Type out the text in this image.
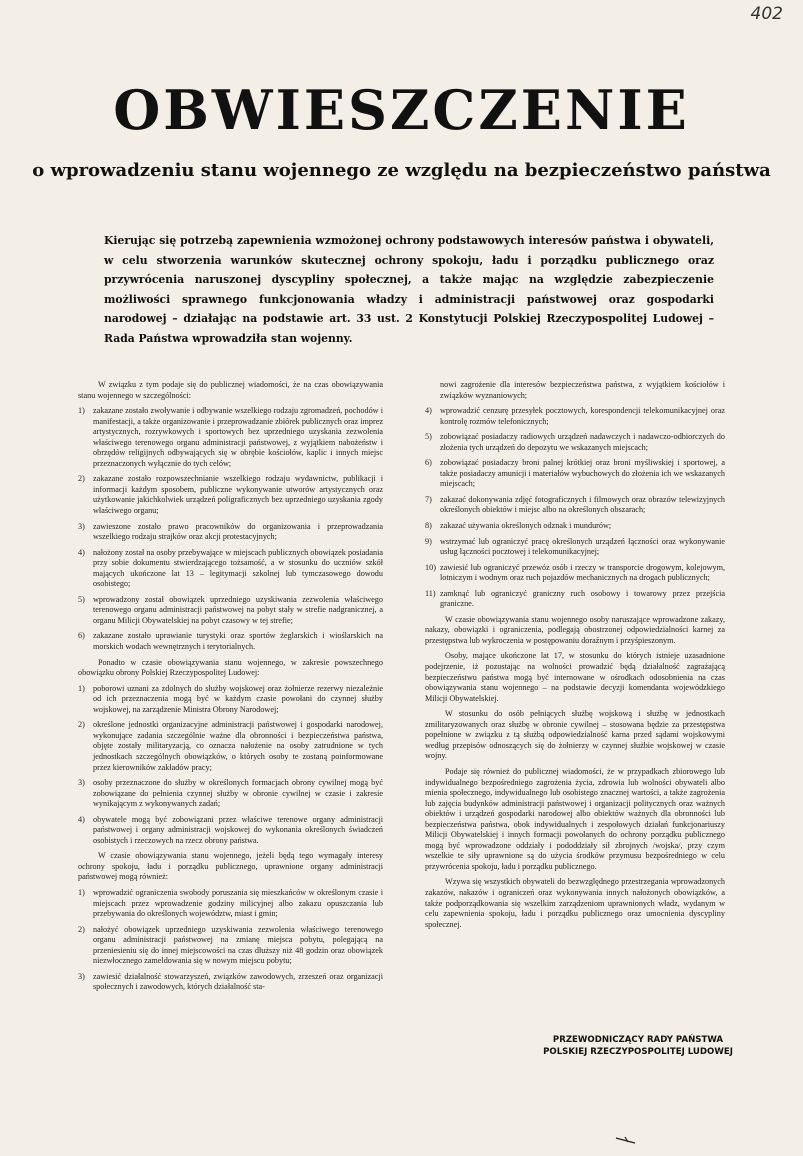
402
OBWIESZCZENIE
o wprowadzeniu stanu wojennego ze względu na bezpieczeństwo państwa
Kierując się potrzebą zapewnienia wzmożonej ochrony podstawowych interesów państwa i obywateli, w celu stworzenia warunków skutecznej ochrony spokoju, ładu i porządku publicznego oraz przywrócenia naruszonej dyscypliny społecznej, a także mając na względzie zabezpieczenie możliwości sprawnego funkcjonowania władzy i administracji państwowej oraz gospodarki narodowej – działając na podstawie art. 33 ust. 2 Konstytucji Polskiej Rzeczypospolitej Ludowej – Rada Państwa wprowadziła stan wojenny.

W związku z tym podaje się do publicznej wiadomości, że na czas obowiązywania stanu wojennego w szczególności:

1) zakazane zostało zwoływanie i odbywanie wszelkiego rodzaju zgromadzeń, pochodów i manifestacji, a także organizowanie i przeprowadzanie zbiórek publicznych oraz imprez artystycznych, rozrywkowych i sportowych bez uprzedniego uzyskania zezwolenia właściwego terenowego organu administracji państwowej, z wyjątkiem nabożeństw i obrzędów religijnych odbywających się w obrębie kościołów, kaplic i innych miejsc przeznaczonych wyłącznie do tych celów;
2) zakazane zostało rozpowszechnianie wszelkiego rodzaju wydawnictw, publikacji i informacji każdym sposobem, publiczne wykonywanie utworów artystycznych oraz użytkowanie jakichkolwiek urządzeń poligraficznych bez uprzedniego uzyskania zgody właściwego organu;
3) zawieszone zostało prawo pracowników do organizowania i przeprowadzania wszelkiego rodzaju strajków oraz akcji protestacyjnych;
4) nałożony został na osoby przebywające w miejscach publicznych obowiązek posiadania przy sobie dokumentu stwierdzającego tożsamość, a w stosunku do uczniów szkół mających ukończone lat 13 – legitymacji szkolnej lub tymczasowego dowodu osobistego;
5) wprowadzony został obowiązek uprzedniego uzyskiwania zezwolenia właściwego terenowego organu administracji państwowej na pobyt stały w strefie nadgranicznej, a organu Milicji Obywatelskiej na pobyt czasowy w tej strefie;
6) zakazane zostało uprawianie turystyki oraz sportów żeglarskich i wioślarskich na morskich wodach wewnętrznych i terytorialnych.

Ponadto w czasie obowiązywania stanu wojennego, w zakresie powszechnego obowiązku obrony Polskiej Rzeczypospolitej Ludowej:

1) poborowi uznani za zdolnych do służby wojskowej oraz żołnierze rezerwy niezależnie od ich przeznaczenia mogą być w każdym czasie powołani do czynnej służby wojskowej, na zarządzenie Ministra Obrony Narodowej;
2) określone jednostki organizacyjne administracji państwowej i gospodarki narodowej, wykonujące zadania szczególnie ważne dla obronności i bezpieczeństwa państwa, objęte zostały militaryzacją, co oznacza nałożenie na osoby zatrudnione w tych jednostkach szczególnych obowiązków, o których osoby te zostaną poinformowane przez kierowników zakładów pracy;
3) osoby przeznaczone do służby w określonych formacjach obrony cywilnej mogą być zobowiązane do pełnienia czynnej służby w obronie cywilnej w czasie i zakresie wynikającym z wykonywanych zadań;
4) obywatele mogą być zobowiązani przez właściwe terenowe organy administracji państwowej i organy administracji wojskowej do wykonania określonych świadczeń osobistych i rzeczowych na rzecz obrony państwa.

W czasie obowiązywania stanu wojennego, jeżeli będą tego wymagały interesy ochrony spokoju, ładu i porządku publicznego, uprawnione organy administracji państwowej mogą również:

1) wprowadzić ograniczenia swobody poruszania się mieszkańców w określonym czasie i miejscach przez wprowadzenie godziny milicyjnej albo zakazu opuszczania lub przebywania do określonych województw, miast i gmin;
2) nałożyć obowiązek uprzedniego uzyskiwania zezwolenia właściwego terenowego organu administracji państwowej na zmianę miejsca pobytu, polegającą na przeniesieniu się do innej miejscowości na czas dłuższy niż 48 godzin oraz obowiązek niezwłocznego zameldowania się w nowym miejscu pobytu;
3) zawiesić działalność stowarzyszeń, związków zawodowych, zrzeszeń oraz organizacji społecznych i zawodowych, których działalność sta-

nowi zagrożenie dla interesów bezpieczeństwa państwa, z wyjątkiem kościołów i związków wyznaniowych;

4) wprowadzić cenzurę przesyłek pocztowych, korespondencji telekomunikacyjnej oraz kontrolę rozmów telefonicznych;
5) zobowiązać posiadaczy radiowych urządzeń nadawczych i nadawczo-odbiorczych do złożenia tych urządzeń do depozytu we wskazanych miejscach;
6) zobowiązać posiadaczy broni palnej krótkiej oraz broni myśliwskiej i sportowej, a także posiadaczy amunicji i materiałów wybuchowych do złożenia ich we wskazanych miejscach;
7) zakazać dokonywania zdjęć fotograficznych i filmowych oraz obrazów telewizyjnych określonych obiektów i miejsc albo na określonych obszarach;
8) zakazać używania określonych odznak i mundurów;
9) wstrzymać lub ograniczyć pracę określonych urządzeń łączności oraz wykonywanie usług łączności pocztowej i telekomunikacyjnej;
10) zawiesić lub ograniczyć przewóz osób i rzeczy w transporcie drogowym, kolejowym, lotniczym i wodnym oraz ruch pojazdów mechanicznych na drogach publicznych;
11) zamknąć lub ograniczyć graniczny ruch osobowy i towarowy przez przejścia graniczne.

W czasie obowiązywania stanu wojennego osoby naruszające wprowadzone zakazy, nakazy, obowiązki i ograniczenia, podlegają obostrzonej odpowiedzialności karnej za przestępstwa lub wykroczenia w postępowaniu doraźnym i przyśpieszonym.

Osoby, mające ukończone lat 17, w stosunku do których istnieje uzasadnione podejrzenie, iż pozostając na wolności prowadzić będą działalność zagrażającą bezpieczeństwu państwa mogą być internowane w ośrodkach odosobnienia na czas obowiązywania stanu wojennego – na podstawie decyzji komendanta wojewódzkiego Milicji Obywatelskiej.

W stosunku do osób pełniących służbę wojskową i służbę w jednostkach zmilitaryzowanych oraz służbę w obronie cywilnej – stosowana będzie za przestępstwa popełnione w związku z tą służbą odpowiedzialność karna przed sądami wojskowymi według przepisów odnoszących się do żołnierzy w czynnej służbie wojskowej w czasie wojny.

Podaje się również do publicznej wiadomości, że w przypadkach zbiorowego lub indywidualnego bezpośredniego zagrożenia życia, zdrowia lub wolności obywateli albo mienia społecznego, indywidualnego lub osobistego znacznej wartości, a także zagrożenia lub zajęcia budynków administracji państwowej i organizacji politycznych oraz ważnych obiektów i urządzeń gospodarki narodowej albo obiektów ważnych dla obronności lub bezpieczeństwa państwa, obok indywidualnych i zespołowych działań funkcjonariuszy Milicji Obywatelskiej i innych formacji powołanych do ochrony porządku publicznego mogą być wprowadzone oddziały i pododdziały sił zbrojnych /wojska/, przy czym wszelkie te siły uprawnione są do użycia środków przymusu bezpośredniego w celu przywrócenia spokoju, ładu i porządku publicznego.

Wzywa się wszystkich obywateli do bezwzględnego przestrzegania wprowadzonych zakazów, nakazów i ograniczeń oraz wykonywania innych nałożonych obowiązków, a także podporządkowania się wszelkim zarządzeniom uprawnionych władz, wydanym w celu zapewnienia spokoju, ładu i porządku publicznego oraz umocnienia dyscypliny społecznej.

PRZEWODNICZĄCY RADY PAŃSTWA
POLSKIEJ RZECZYPOSPOLITEJ LUDOWEJ
